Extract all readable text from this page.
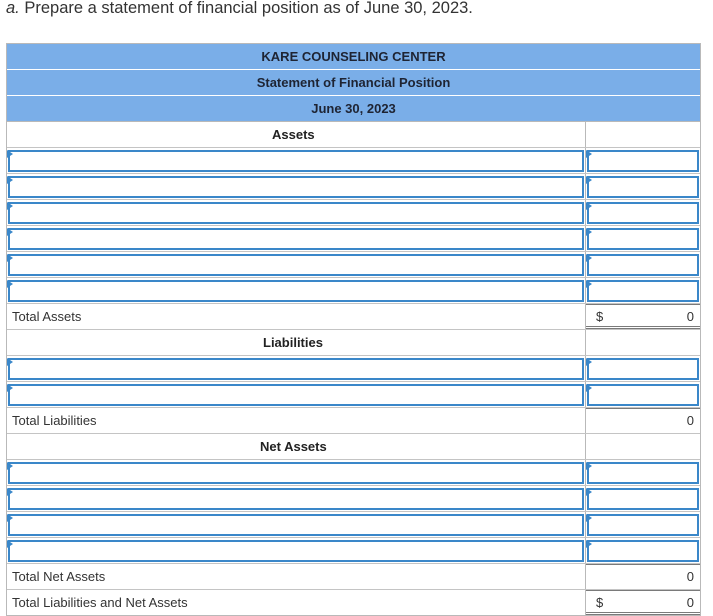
a. Prepare a statement of financial position as of June 30, 2023.
KARE COUNSELING CENTER
Statement of Financial Position
June 30, 2023
Assets
Total Assets	$	0
Liabilities
Total Liabilities	0
Net Assets
Total Net Assets	0
Total Liabilities and Net Assets	$	0
